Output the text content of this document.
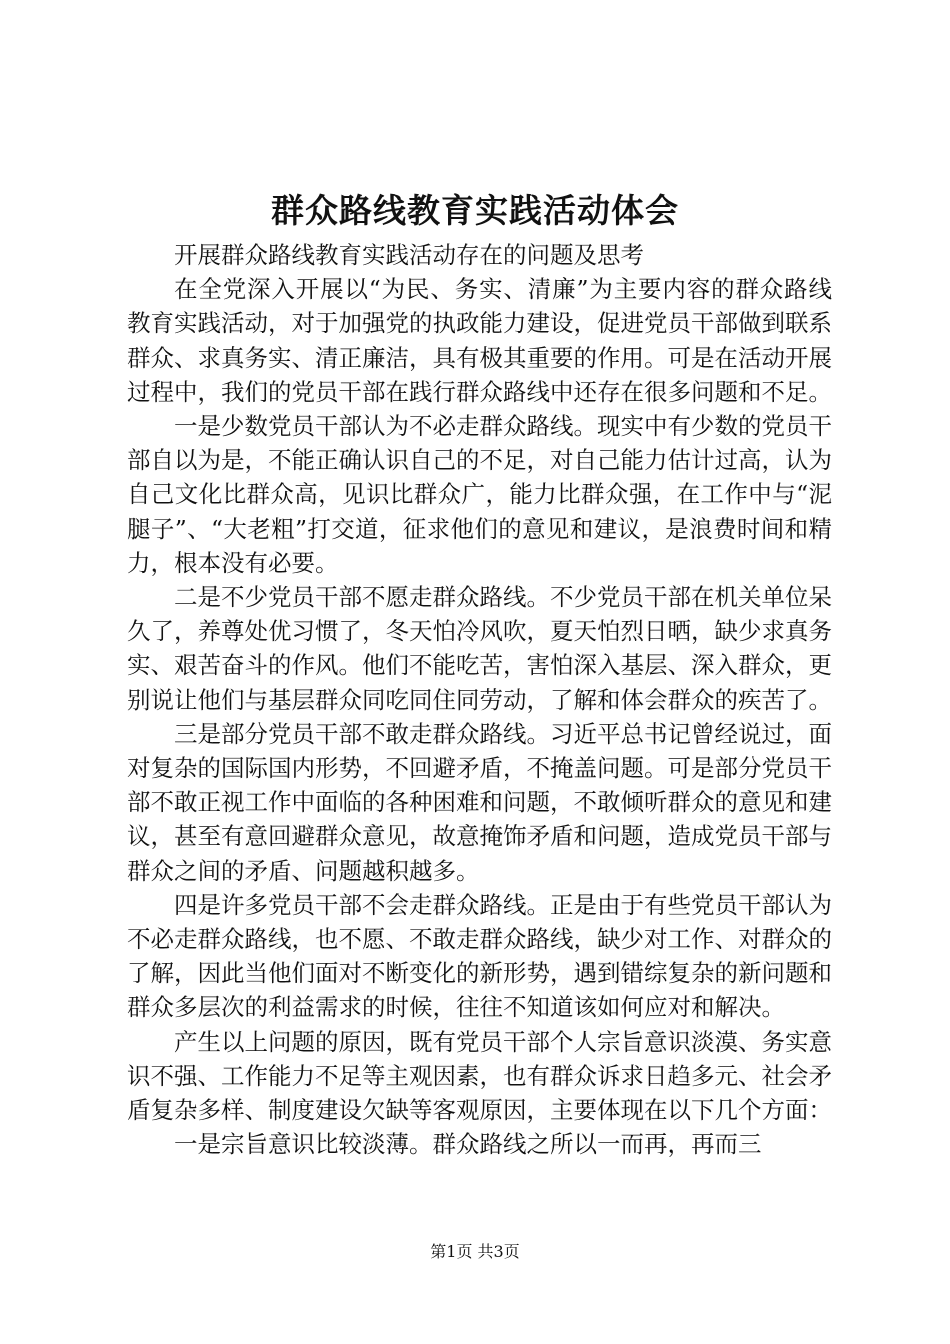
群众路线教育实践活动体会

开展群众路线教育实践活动存在的问题及思考

在全党深入开展以“为民、务实、清廉”为主要内容的群众路线教育实践活动，对于加强党的执政能力建设，促进党员干部做到联系群众、求真务实、清正廉洁，具有极其重要的作用。可是在活动开展过程中，我们的党员干部在践行群众路线中还存在很多问题和不足。

一是少数党员干部认为不必走群众路线。现实中有少数的党员干部自以为是，不能正确认识自己的不足，对自己能力估计过高，认为自己文化比群众高，见识比群众广，能力比群众强，在工作中与“泥腿子”、“大老粗”打交道，征求他们的意见和建议，是浪费时间和精力，根本没有必要。

二是不少党员干部不愿走群众路线。不少党员干部在机关单位呆久了，养尊处优习惯了，冬天怕冷风吹，夏天怕烈日晒，缺少求真务实、艰苦奋斗的作风。他们不能吃苦，害怕深入基层、深入群众，更别说让他们与基层群众同吃同住同劳动，了解和体会群众的疾苦了。

三是部分党员干部不敢走群众路线。习近平总书记曾经说过，面对复杂的国际国内形势，不回避矛盾，不掩盖问题。可是部分党员干部不敢正视工作中面临的各种困难和问题，不敢倾听群众的意见和建议，甚至有意回避群众意见，故意掩饰矛盾和问题，造成党员干部与群众之间的矛盾、问题越积越多。

四是许多党员干部不会走群众路线。正是由于有些党员干部认为不必走群众路线，也不愿、不敢走群众路线，缺少对工作、对群众的了解，因此当他们面对不断变化的新形势，遇到错综复杂的新问题和群众多层次的利益需求的时候，往往不知道该如何应对和解决。

产生以上问题的原因，既有党员干部个人宗旨意识淡漠、务实意识不强、工作能力不足等主观因素，也有群众诉求日趋多元、社会矛盾复杂多样、制度建设欠缺等客观原因，主要体现在以下几个方面：

一是宗旨意识比较淡薄。群众路线之所以一而再，再而三

第1页 共3页
